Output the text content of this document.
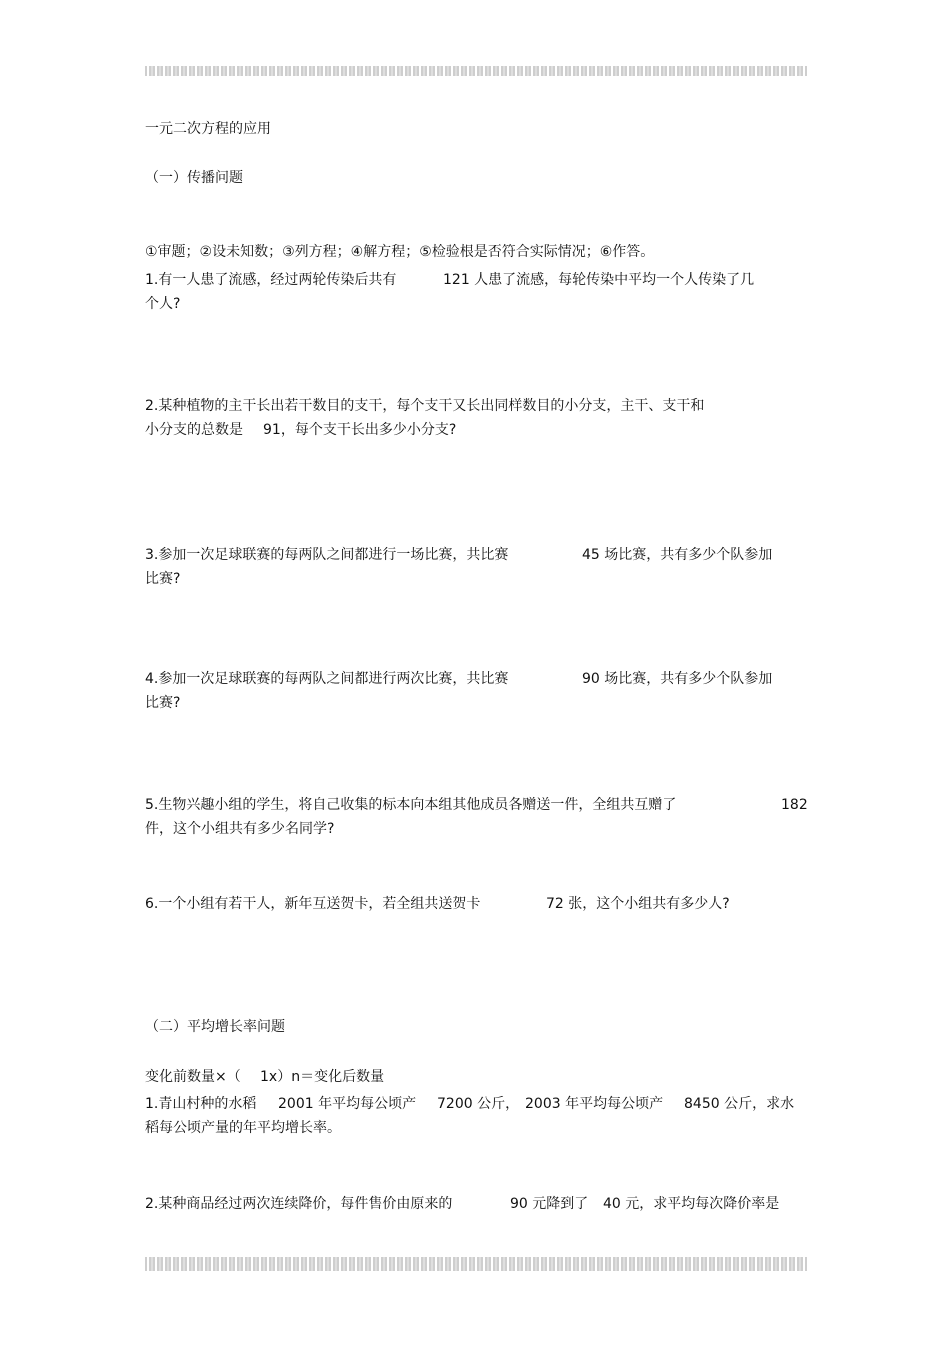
一元二次方程的应用
（一）传播问题
①审题；②设未知数；③列方程；④解方程；⑤检验根是否符合实际情况；⑥作答。
1.有一人患了流感，经过两轮传染后共有	121 人患了流感，每轮传染中平均一个人传染了几
个人?
2.某种植物的主干长出若干数目的支干，每个支干又长出同样数目的小分支，主干、支干和
小分支的总数是 91，每个支干长出多少小分支?
3.参加一次足球联赛的每两队之间都进行一场比赛，共比赛	45 场比赛，共有多少个队参加
比赛?
4.参加一次足球联赛的每两队之间都进行两次比赛，共比赛	90 场比赛，共有多少个队参加
比赛?
5.生物兴趣小组的学生，将自己收集的标本向本组其他成员各赠送一件，全组共互赠了	182
件，这个小组共有多少名同学?
6.一个小组有若干人，新年互送贺卡，若全组共送贺卡	72 张，这个小组共有多少人?
（二）平均增长率问题
变化前数量×（ 1x）n＝变化后数量
1.青山村种的水稻 2001 年平均每公顷产 7200 公斤， 2003 年平均每公顷产 8450 公斤，求水
稻每公顷产量的年平均增长率。
2.某种商品经过两次连续降价，每件售价由原来的	90 元降到了 40 元，求平均每次降价率是
